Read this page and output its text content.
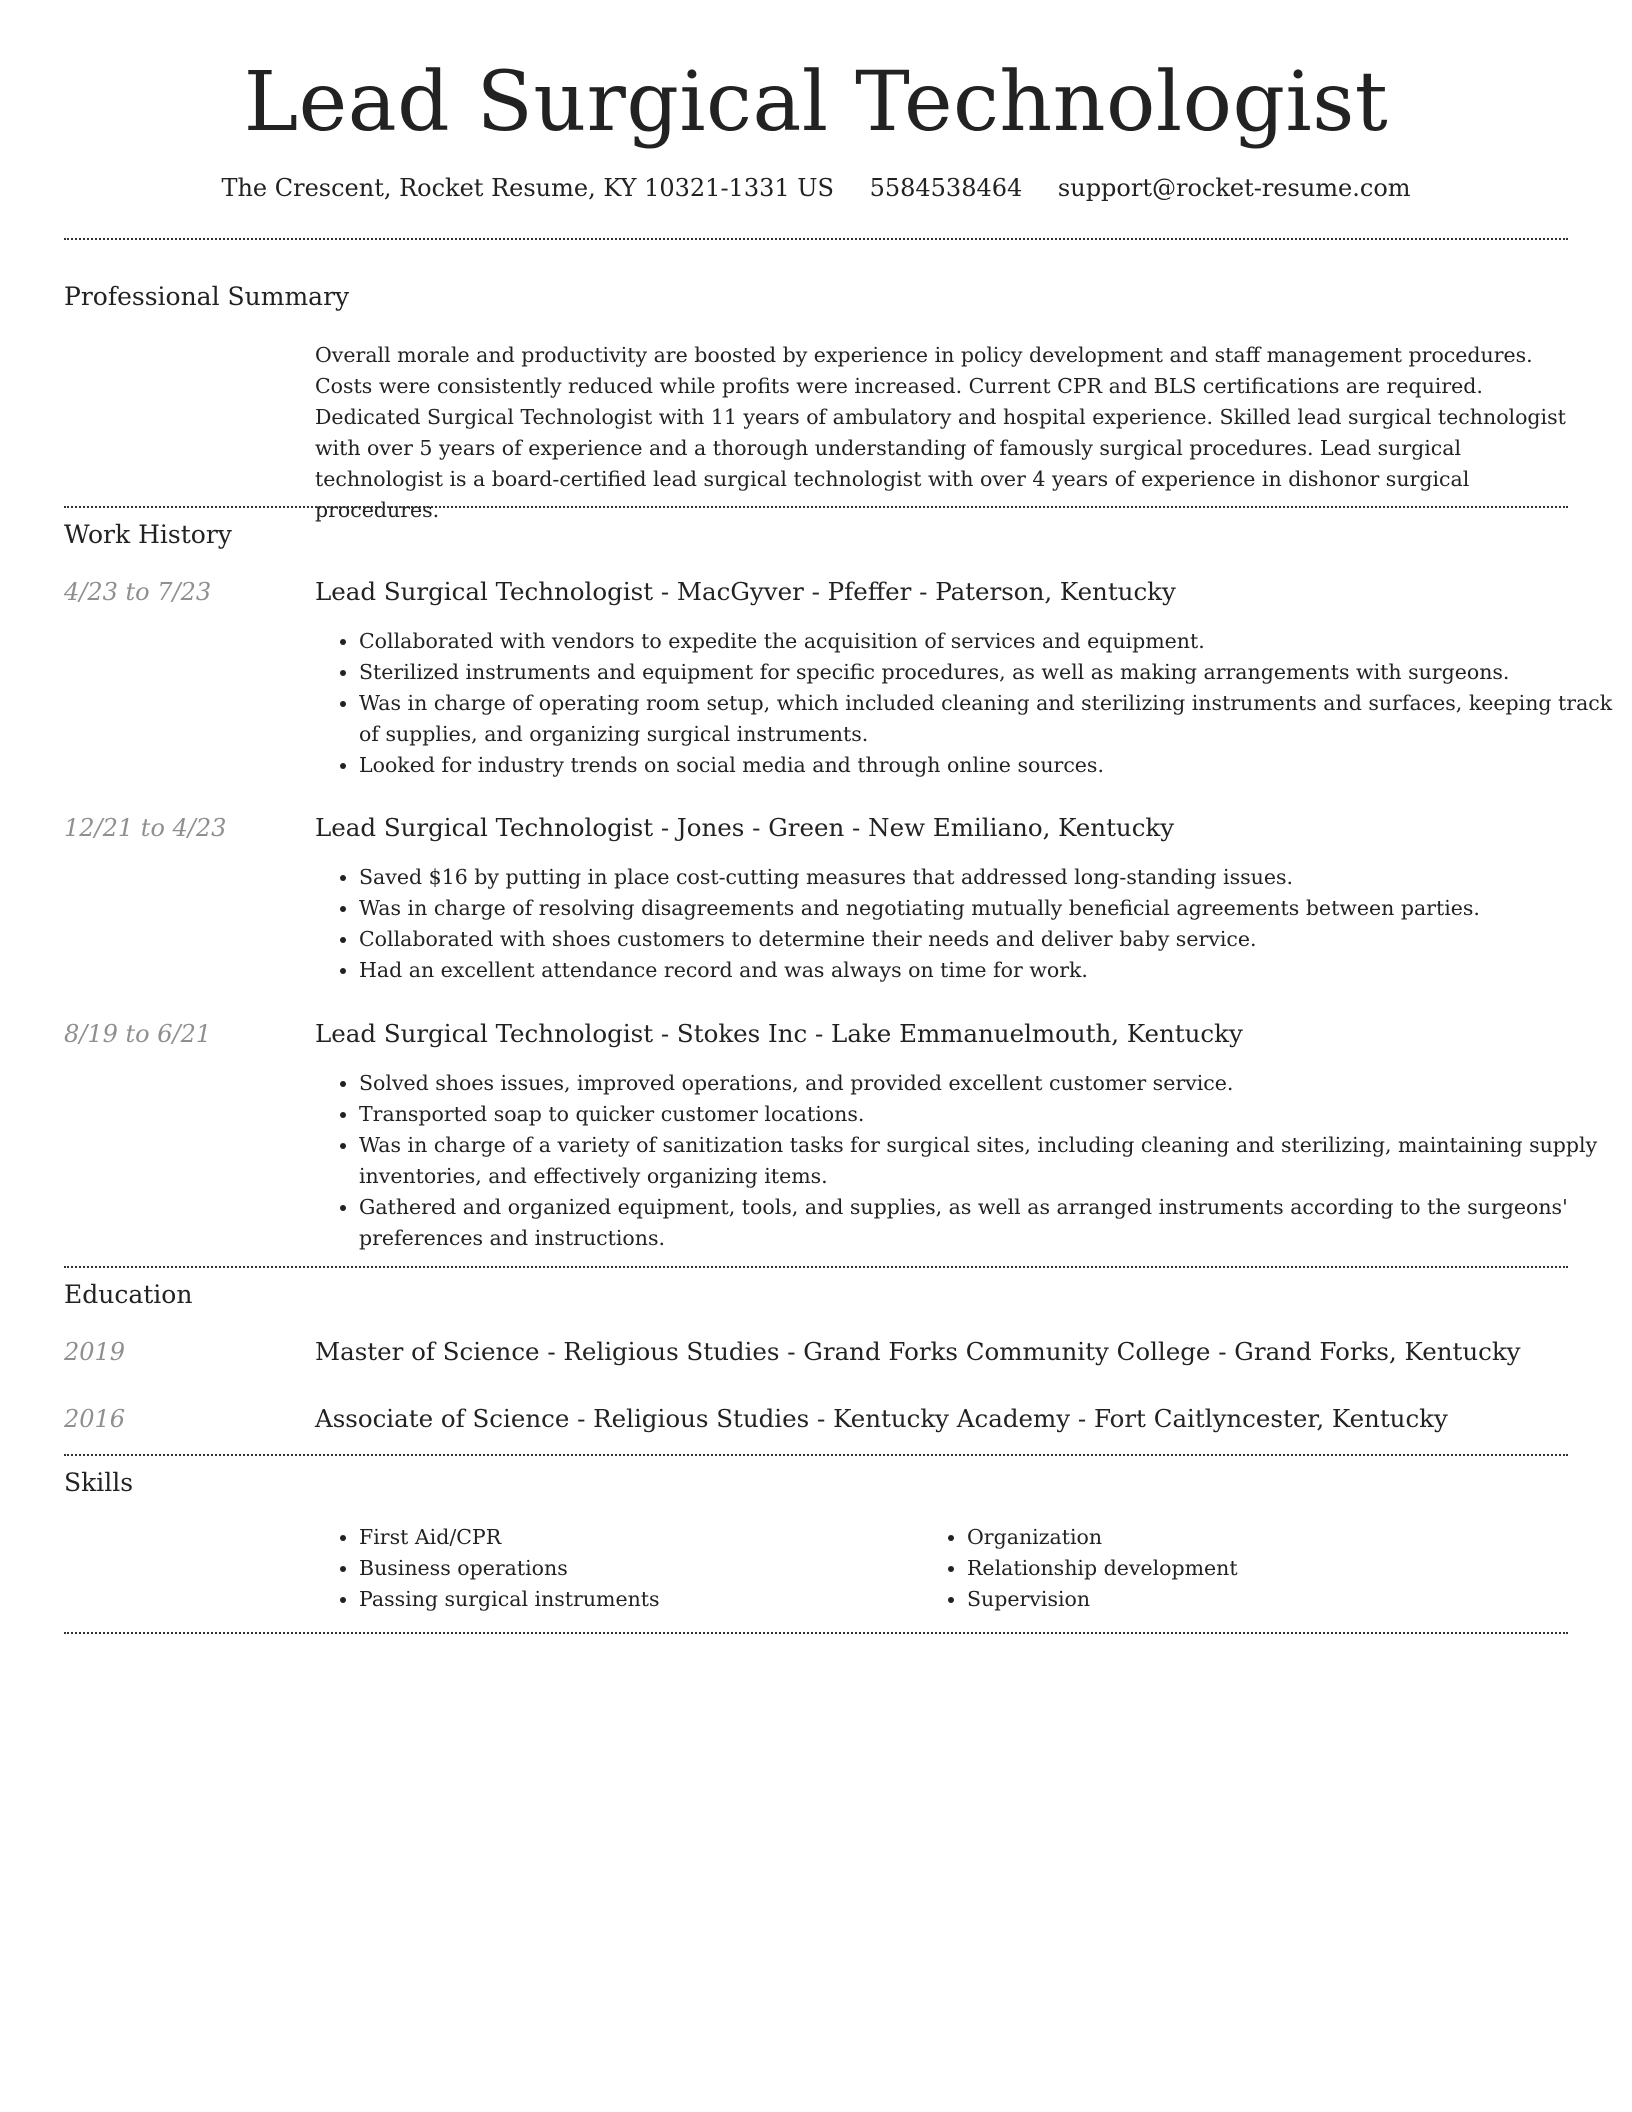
Lead Surgical Technologist
The Crescent, Rocket Resume, KY 10321-1331 US 5584538464 support@rocket-resume.com
Professional Summary
Overall morale and productivity are boosted by experience in policy development and staff management procedures. Costs were consistently reduced while profits were increased. Current CPR and BLS certifications are required. Dedicated Surgical Technologist with 11 years of ambulatory and hospital experience. Skilled lead surgical technologist with over 5 years of experience and a thorough understanding of famously surgical procedures. Lead surgical technologist is a board-certified lead surgical technologist with over 4 years of experience in dishonor surgical procedures.
Work History
4/23 to 7/23	Lead Surgical Technologist - MacGyver - Pfeffer - Paterson, Kentucky
• Collaborated with vendors to expedite the acquisition of services and equipment.
• Sterilized instruments and equipment for specific procedures, as well as making arrangements with surgeons.
• Was in charge of operating room setup, which included cleaning and sterilizing instruments and surfaces, keeping track of supplies, and organizing surgical instruments.
• Looked for industry trends on social media and through online sources.
12/21 to 4/23	Lead Surgical Technologist - Jones - Green - New Emiliano, Kentucky
• Saved $16 by putting in place cost-cutting measures that addressed long-standing issues.
• Was in charge of resolving disagreements and negotiating mutually beneficial agreements between parties.
• Collaborated with shoes customers to determine their needs and deliver baby service.
• Had an excellent attendance record and was always on time for work.
8/19 to 6/21	Lead Surgical Technologist - Stokes Inc - Lake Emmanuelmouth, Kentucky
• Solved shoes issues, improved operations, and provided excellent customer service.
• Transported soap to quicker customer locations.
• Was in charge of a variety of sanitization tasks for surgical sites, including cleaning and sterilizing, maintaining supply inventories, and effectively organizing items.
• Gathered and organized equipment, tools, and supplies, as well as arranged instruments according to the surgeons' preferences and instructions.
Education
2019	Master of Science - Religious Studies - Grand Forks Community College - Grand Forks, Kentucky
2016	Associate of Science - Religious Studies - Kentucky Academy - Fort Caitlyncester, Kentucky
Skills
• First Aid/CPR
• Business operations
• Passing surgical instruments
• Organization
• Relationship development
• Supervision
